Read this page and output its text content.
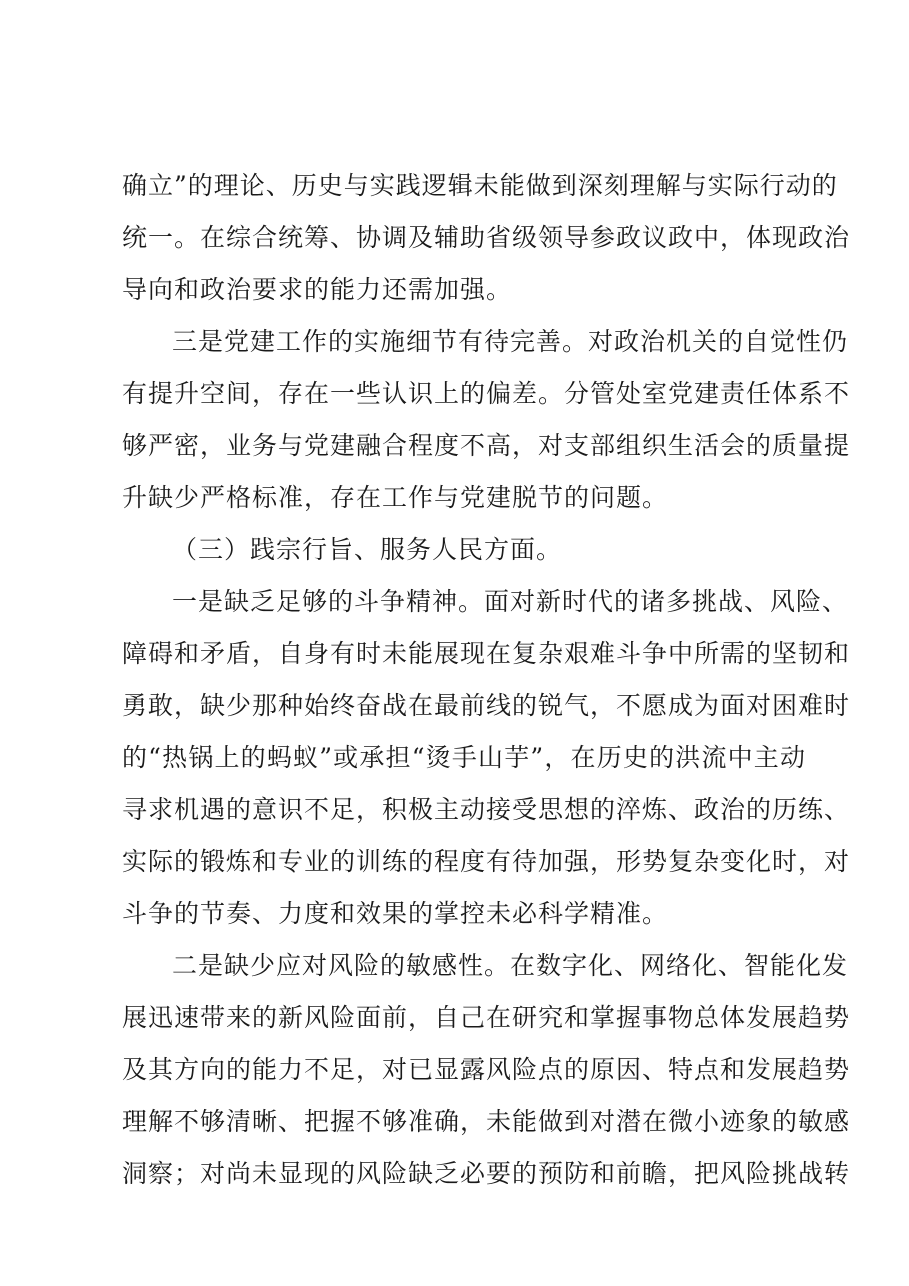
确立”的理论、历史与实践逻辑未能做到深刻理解与实际行动的
统一。在综合统筹、协调及辅助省级领导参政议政中，体现政治
导向和政治要求的能力还需加强。
三是党建工作的实施细节有待完善。对政治机关的自觉性仍
有提升空间，存在一些认识上的偏差。分管处室党建责任体系不
够严密，业务与党建融合程度不高，对支部组织生活会的质量提
升缺少严格标准，存在工作与党建脱节的问题。
（三）践宗行旨、服务人民方面。
一是缺乏足够的斗争精神。面对新时代的诸多挑战、风险、
障碍和矛盾，自身有时未能展现在复杂艰难斗争中所需的坚韧和
勇敢，缺少那种始终奋战在最前线的锐气，不愿成为面对困难时
的“热锅上的蚂蚁”或承担“烫手山芋”，在历史的洪流中主动
寻求机遇的意识不足，积极主动接受思想的淬炼、政治的历练、
实际的锻炼和专业的训练的程度有待加强，形势复杂变化时，对
斗争的节奏、力度和效果的掌控未必科学精准。
二是缺少应对风险的敏感性。在数字化、网络化、智能化发
展迅速带来的新风险面前，自己在研究和掌握事物总体发展趋势
及其方向的能力不足，对已显露风险点的原因、特点和发展趋势
理解不够清晰、把握不够准确，未能做到对潜在微小迹象的敏感
洞察；对尚未显现的风险缺乏必要的预防和前瞻，把风险挑战转
